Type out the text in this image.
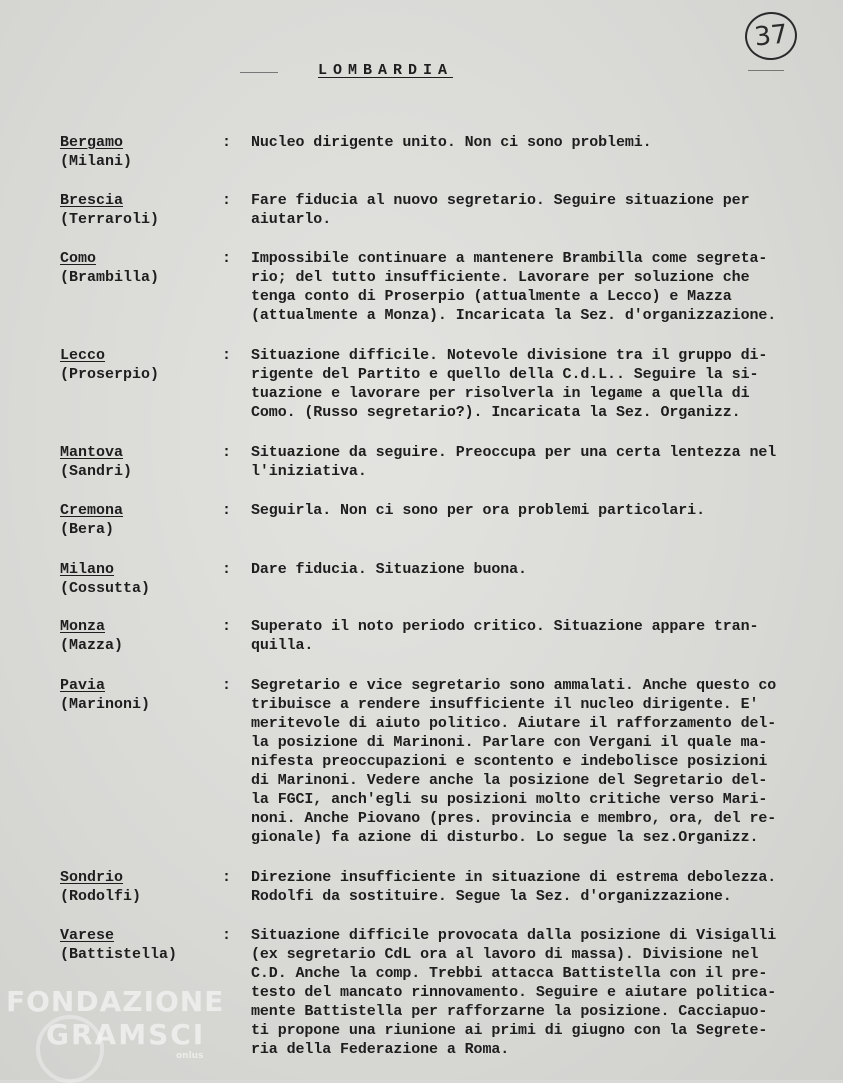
37
LOMBARDIA
Bergamo
(Milani)
: Nucleo dirigente unito. Non ci sono problemi.
Brescia
(Terraroli)
: Fare fiducia al nuovo segretario. Seguire situazione per
aiutarlo.
Como
(Brambilla)
: Impossibile continuare a mantenere Brambilla come segreta-
rio; del tutto insufficiente. Lavorare per soluzione che
tenga conto di Proserpio (attualmente a Lecco) e Mazza
(attualmente a Monza). Incaricata la Sez. d'organizzazione.
Lecco
(Proserpio)
: Situazione difficile. Notevole divisione tra il gruppo di-
rigente del Partito e quello della C.d.L.. Seguire la si-
tuazione e lavorare per risolverla in legame a quella di
Como. (Russo segretario?). Incaricata la Sez. Organizz.
Mantova
(Sandri)
: Situazione da seguire. Preoccupa per una certa lentezza nel
l'iniziativa.
Cremona
(Bera)
: Seguirla. Non ci sono per ora problemi particolari.
Milano
(Cossutta)
: Dare fiducia. Situazione buona.
Monza
(Mazza)
: Superato il noto periodo critico. Situazione appare tran-
quilla.
Pavia
(Marinoni)
: Segretario e vice segretario sono ammalati. Anche questo co
tribuisce a rendere insufficiente il nucleo dirigente. E'
meritevole di aiuto politico. Aiutare il rafforzamento del-
la posizione di Marinoni. Parlare con Vergani il quale ma-
nifesta preoccupazioni e scontento e indebolisce posizioni
di Marinoni. Vedere anche la posizione del Segretario del-
la FGCI, anch'egli su posizioni molto critiche verso Mari-
noni. Anche Piovano (pres. provincia e membro, ora, del re-
gionale) fa azione di disturbo. Lo segue la sez.Organizz.
Sondrio
(Rodolfi)
: Direzione insufficiente in situazione di estrema debolezza.
Rodolfi da sostituire. Segue la Sez. d'organizzazione.
Varese
(Battistella)
: Situazione difficile provocata dalla posizione di Visigalli
(ex segretario CdL ora al lavoro di massa). Divisione nel
C.D. Anche la comp. Trebbi attacca Battistella con il pre-
testo del mancato rinnovamento. Seguire e aiutare politica-
mente Battistella per rafforzarne la posizione. Cacciapuo-
ti propone una riunione ai primi di giugno con la Segrete-
ria della Federazione a Roma.
FONDAZIONE
GRAMSCI
onlus
